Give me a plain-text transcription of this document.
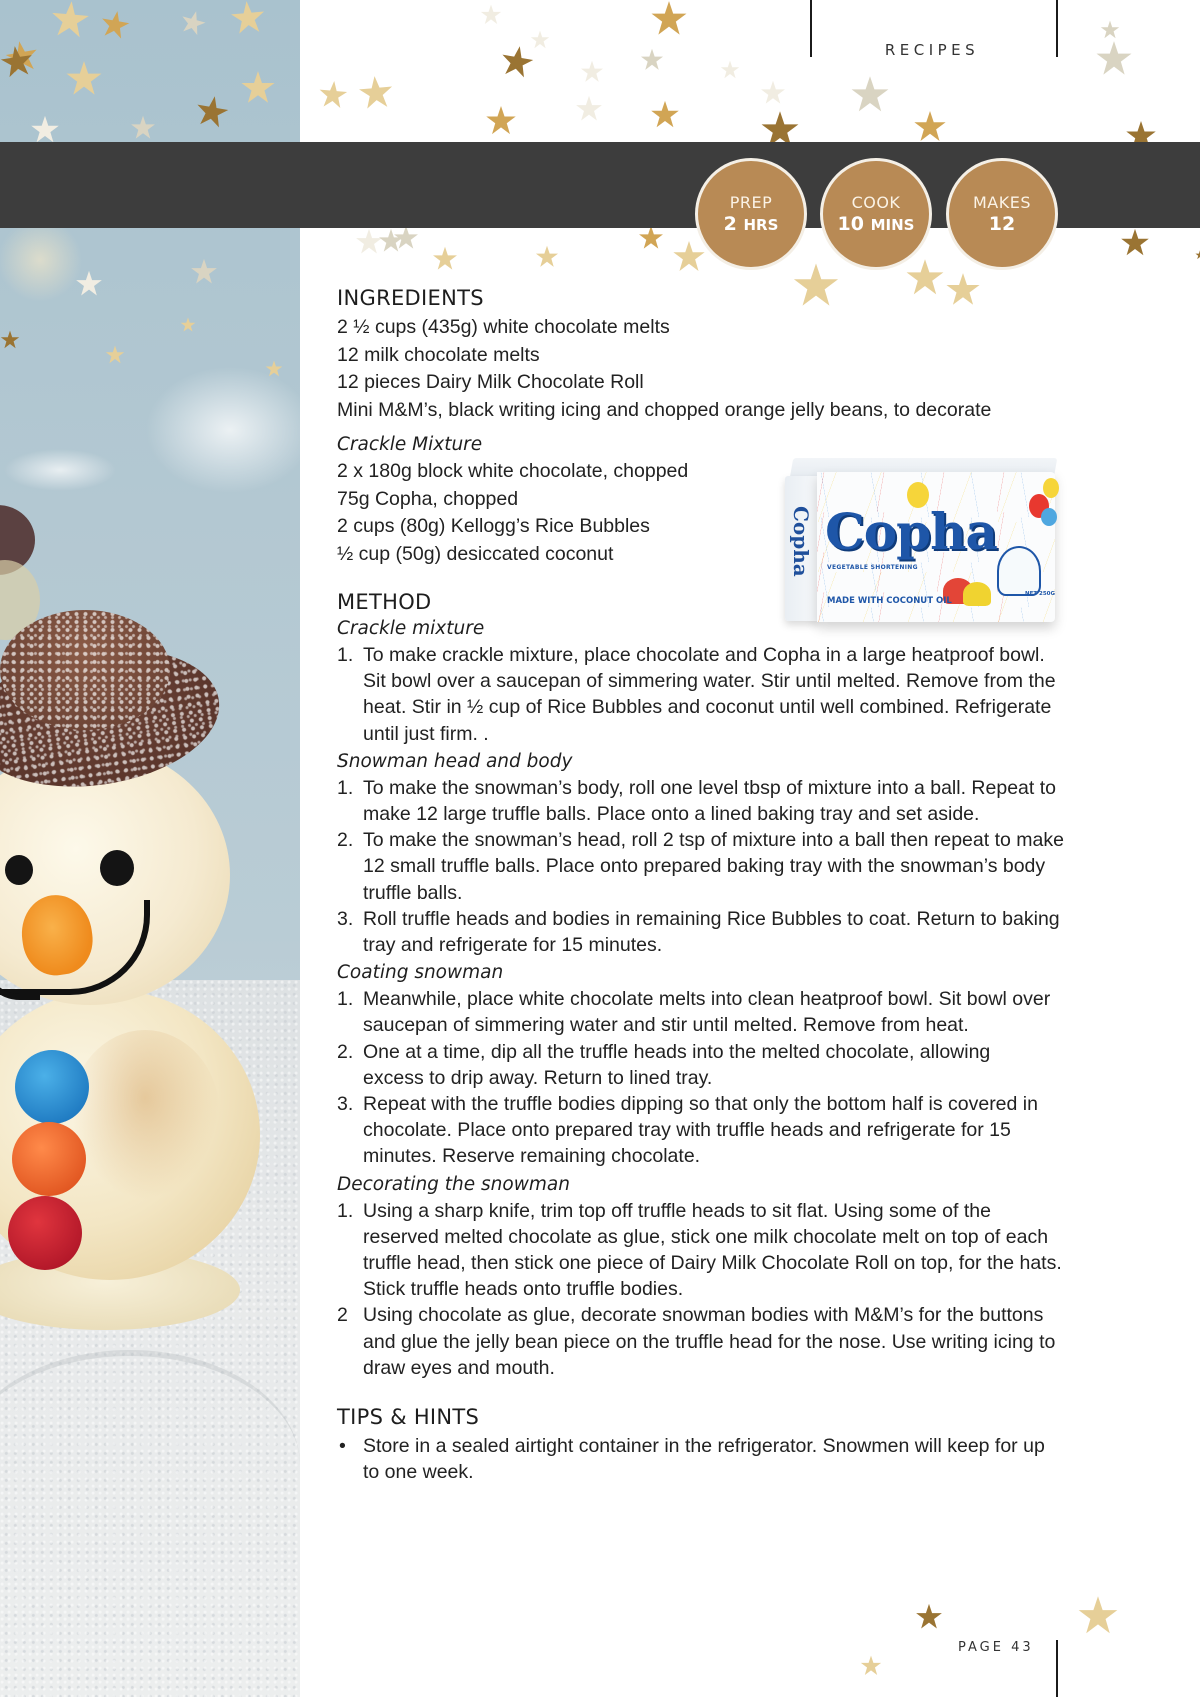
RECIPES
PREP
2 HRS
COOK
10 MINS
MAKES
12
Copha Copha
VEGETABLE SHORTENING
MADE WITH COCONUT OIL
NET 250G
INGREDIENTS
2 ½ cups (435g) white chocolate melts
12 milk chocolate melts
12 pieces Dairy Milk Chocolate Roll
Mini M&M’s, black writing icing and chopped orange jelly beans, to decorate
Crackle Mixture
2 x 180g block white chocolate, chopped
75g Copha, chopped
2 cups (80g) Kellogg’s Rice Bubbles
½ cup (50g) desiccated coconut
METHOD
Crackle mixture
1. To make crackle mixture, place chocolate and Copha in a large heatproof bowl. Sit bowl over a saucepan of simmering water. Stir until melted. Remove from the heat. Stir in ½ cup of Rice Bubbles and coconut until well combined. Refrigerate until just firm. .
Snowman head and body
1. To make the snowman’s body, roll one level tbsp of mixture into a ball. Repeat to make 12 large truffle balls. Place onto a lined baking tray and set aside.
2. To make the snowman’s head, roll 2 tsp of mixture into a ball then repeat to make 12 small truffle balls. Place onto prepared baking tray with the snowman’s body truffle balls.
3. Roll truffle heads and bodies in remaining Rice Bubbles to coat. Return to baking tray and refrigerate for 15 minutes.
Coating snowman
1. Meanwhile, place white chocolate melts into clean heatproof bowl. Sit bowl over saucepan of simmering water and stir until melted. Remove from heat.
2. One at a time, dip all the truffle heads into the melted chocolate, allowing excess to drip away. Return to lined tray.
3. Repeat with the truffle bodies dipping so that only the bottom half is covered in chocolate. Place onto prepared tray with truffle heads and refrigerate for 15 minutes. Reserve remaining chocolate.
Decorating the snowman
1. Using a sharp knife, trim top off truffle heads to sit flat. Using some of the reserved melted chocolate as glue, stick one milk chocolate melt on top of each truffle head, then stick one piece of Dairy Milk Chocolate Roll on top, for the hats. Stick truffle heads onto truffle bodies.
2 Using chocolate as glue, decorate snowman bodies with M&M’s for the buttons and glue the jelly bean piece on the truffle head for the nose. Use writing icing to draw eyes and mouth.
TIPS & HINTS
• Store in a sealed airtight container in the refrigerator. Snowmen will keep for up to one week.
PAGE 43
